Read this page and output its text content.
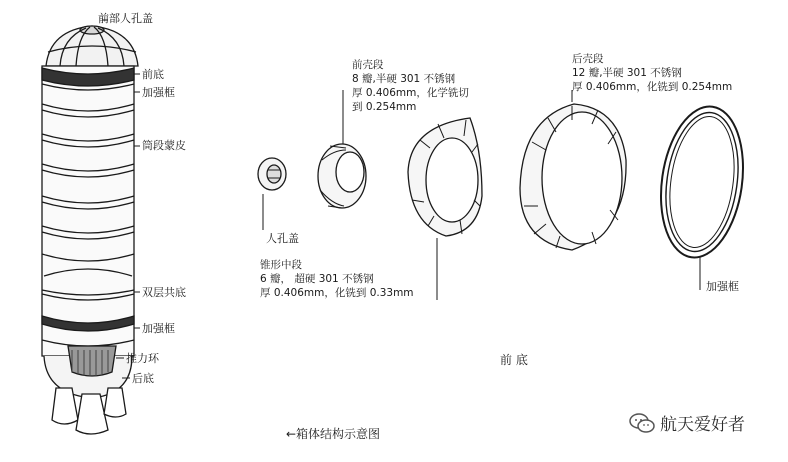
前部人孔盖
前底
加强框
筒段蒙皮
双层共底
加强框
推力环
后底
前壳段
8 瓣,半硬 301 不锈钢
厚 0.406mm，化学铣切
到 0.254mm
后壳段
12 瓣,半硬 301 不锈钢
厚 0.406mm，化铣到 0.254mm
人孔盖
锥形中段
6 瓣， 超硬 301 不锈钢
厚 0.406mm，化铣到 0.33mm	加强框
前 底
←箱体结构示意图	航天爱好者
